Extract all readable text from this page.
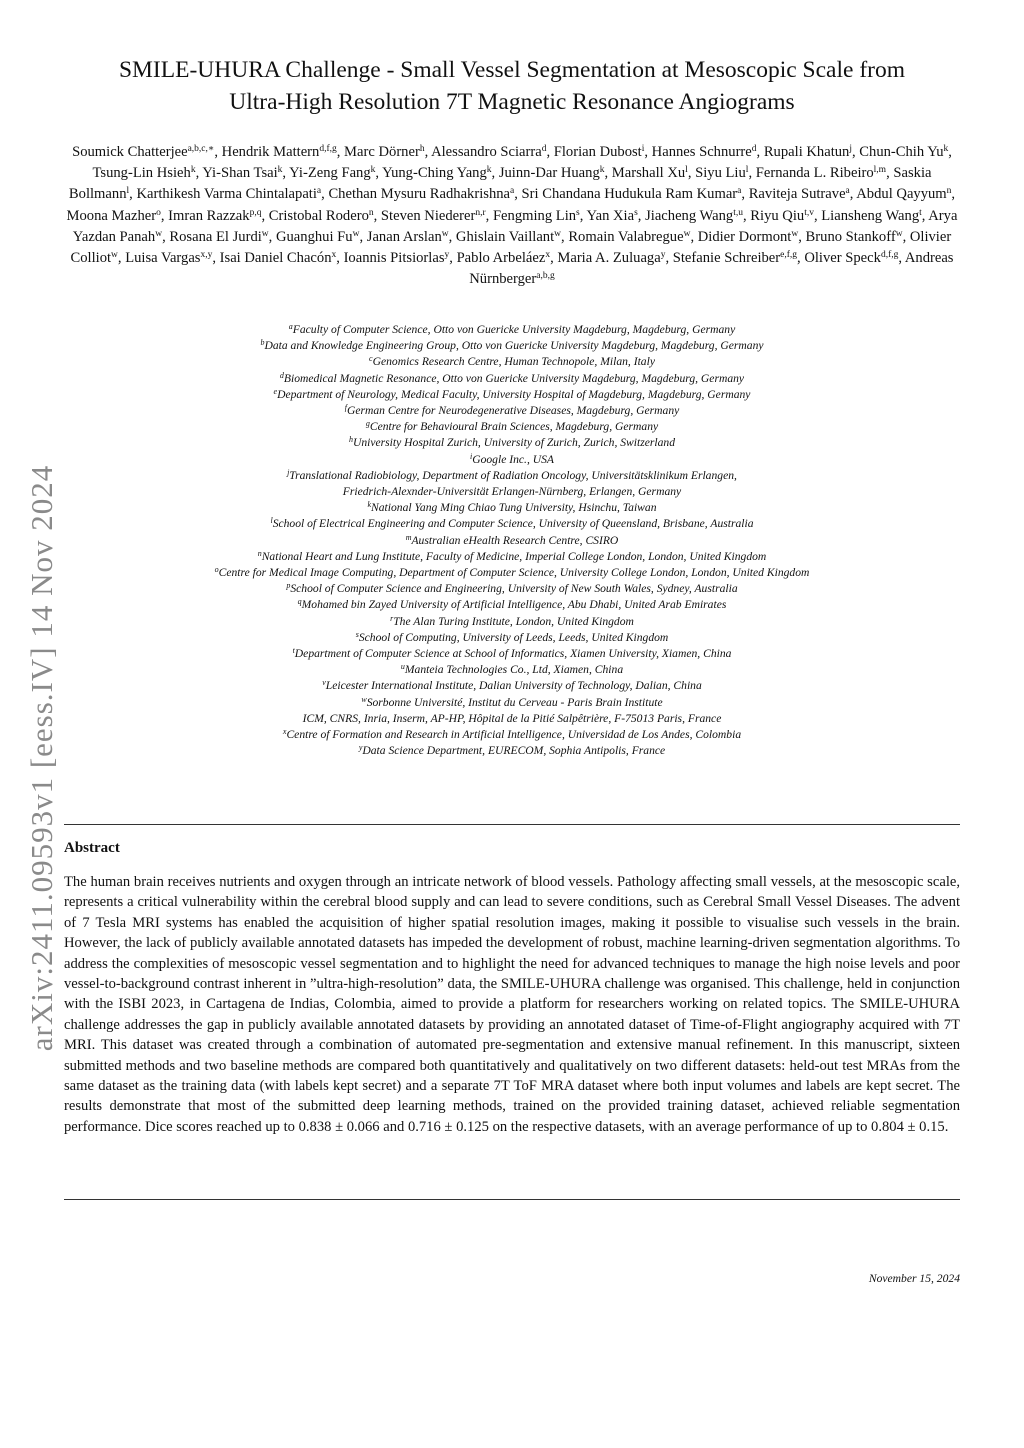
arXiv:2411.09593v1 [eess.IV] 14 Nov 2024
SMILE-UHURA Challenge - Small Vessel Segmentation at Mesoscopic Scale from
Ultra-High Resolution 7T Magnetic Resonance Angiograms
Soumick Chatterjee$^{a,b,c,∗}$, Hendrik Mattern$^{d,f,g}$, Marc Dörner$^h$, Alessandro Sciarra$^d$, Florian Dubost$^i$, Hannes Schnurre$^d$, Rupali Khatun$^j$, Chun-Chih Yu$^k$, Tsung-Lin Hsieh$^k$, Yi-Shan Tsai$^k$, Yi-Zeng Fang$^k$, Yung-Ching Yang$^k$, Juinn-Dar Huang$^k$, Marshall Xu$^l$, Siyu Liu$^l$, Fernanda L. Ribeiro$^{l,m}$, Saskia Bollmann$^l$, Karthikesh Varma Chintalapati$^a$, Chethan Mysuru Radhakrishna$^a$, Sri Chandana Hudukula Ram Kumar$^a$, Raviteja Sutrave$^a$, Abdul Qayyum$^n$, Moona Mazher$^o$, Imran Razzak$^{p,q}$, Cristobal Rodero$^n$, Steven Niederer$^{n,r}$, Fengming Lin$^s$, Yan Xia$^s$, Jiacheng Wang$^{t,u}$, Riyu Qiu$^{t,v}$, Liansheng Wang$^t$, Arya Yazdan Panah$^w$, Rosana El Jurdi$^w$, Guanghui Fu$^w$, Janan Arslan$^w$, Ghislain Vaillant$^w$, Romain Valabregue$^w$, Didier Dormont$^w$, Bruno Stankoff$^w$, Olivier Colliot$^w$, Luisa Vargas$^{x,y}$, Isai Daniel Chacón$^x$, Ioannis Pitsiorlas$^y$, Pablo Arbeláez$^x$, Maria A. Zuluaga$^y$, Stefanie Schreiber$^{e,f,g}$, Oliver Speck$^{d,f,g}$, Andreas Nürnberger$^{a,b,g}$
$^a$Faculty of Computer Science, Otto von Guericke University Magdeburg, Magdeburg, Germany
$^b$Data and Knowledge Engineering Group, Otto von Guericke University Magdeburg, Magdeburg, Germany
$^c$Genomics Research Centre, Human Technopole, Milan, Italy
$^d$Biomedical Magnetic Resonance, Otto von Guericke University Magdeburg, Magdeburg, Germany
$^e$Department of Neurology, Medical Faculty, University Hospital of Magdeburg, Magdeburg, Germany
$^f$German Centre for Neurodegenerative Diseases, Magdeburg, Germany
$^g$Centre for Behavioural Brain Sciences, Magdeburg, Germany
$^h$University Hospital Zurich, University of Zurich, Zurich, Switzerland
$^i$Google Inc., USA
$^j$Translational Radiobiology, Department of Radiation Oncology, Universitätsklinikum Erlangen,
Friedrich-Alexnder-Universität Erlangen-Nürnberg, Erlangen, Germany
$^k$National Yang Ming Chiao Tung University, Hsinchu, Taiwan
$^l$School of Electrical Engineering and Computer Science, University of Queensland, Brisbane, Australia
$^m$Australian eHealth Research Centre, CSIRO
$^n$National Heart and Lung Institute, Faculty of Medicine, Imperial College London, London, United Kingdom
$^o$Centre for Medical Image Computing, Department of Computer Science, University College London, London, United Kingdom
$^p$School of Computer Science and Engineering, University of New South Wales, Sydney, Australia
$^q$Mohamed bin Zayed University of Artificial Intelligence, Abu Dhabi, United Arab Emirates
$^r$The Alan Turing Institute, London, United Kingdom
$^s$School of Computing, University of Leeds, Leeds, United Kingdom
$^t$Department of Computer Science at School of Informatics, Xiamen University, Xiamen, China
$^u$Manteia Technologies Co., Ltd, Xiamen, China
$^v$Leicester International Institute, Dalian University of Technology, Dalian, China
$^w$Sorbonne Université, Institut du Cerveau - Paris Brain Institute
ICM, CNRS, Inria, Inserm, AP-HP, Hôpital de la Pitié Salpêtrière, F-75013 Paris, France
$^x$Centre of Formation and Research in Artificial Intelligence, Universidad de Los Andes, Colombia
$^y$Data Science Department, EURECOM, Sophia Antipolis, France
Abstract
The human brain receives nutrients and oxygen through an intricate network of blood vessels. Pathology affecting small vessels, at the mesoscopic scale, represents a critical vulnerability within the cerebral blood supply and can lead to severe conditions, such as Cerebral Small Vessel Diseases. The advent of 7 Tesla MRI systems has enabled the acquisition of higher spatial resolution images, making it possible to visualise such vessels in the brain. However, the lack of publicly available annotated datasets has impeded the development of robust, machine learning-driven segmentation algorithms. To address the complexities of mesoscopic vessel segmentation and to highlight the need for advanced techniques to manage the high noise levels and poor vessel-to-background contrast inherent in ”ultra-high-resolution” data, the SMILE-UHURA challenge was organised. This challenge, held in conjunction with the ISBI 2023, in Cartagena de Indias, Colombia, aimed to provide a platform for researchers working on related topics. The SMILE-UHURA challenge addresses the gap in publicly available annotated datasets by providing an annotated dataset of Time-of-Flight angiography acquired with 7T MRI. This dataset was created through a combination of automated pre-segmentation and extensive manual refinement. In this manuscript, sixteen submitted methods and two baseline methods are compared both quantitatively and qualitatively on two different datasets: held-out test MRAs from the same dataset as the training data (with labels kept secret) and a separate 7T ToF MRA dataset where both input volumes and labels are kept secret. The results demonstrate that most of the submitted deep learning methods, trained on the provided training dataset, achieved reliable segmentation performance. Dice scores reached up to 0.838 ± 0.066 and 0.716 ± 0.125 on the respective datasets, with an average performance of up to 0.804 ± 0.15.
November 15, 2024
